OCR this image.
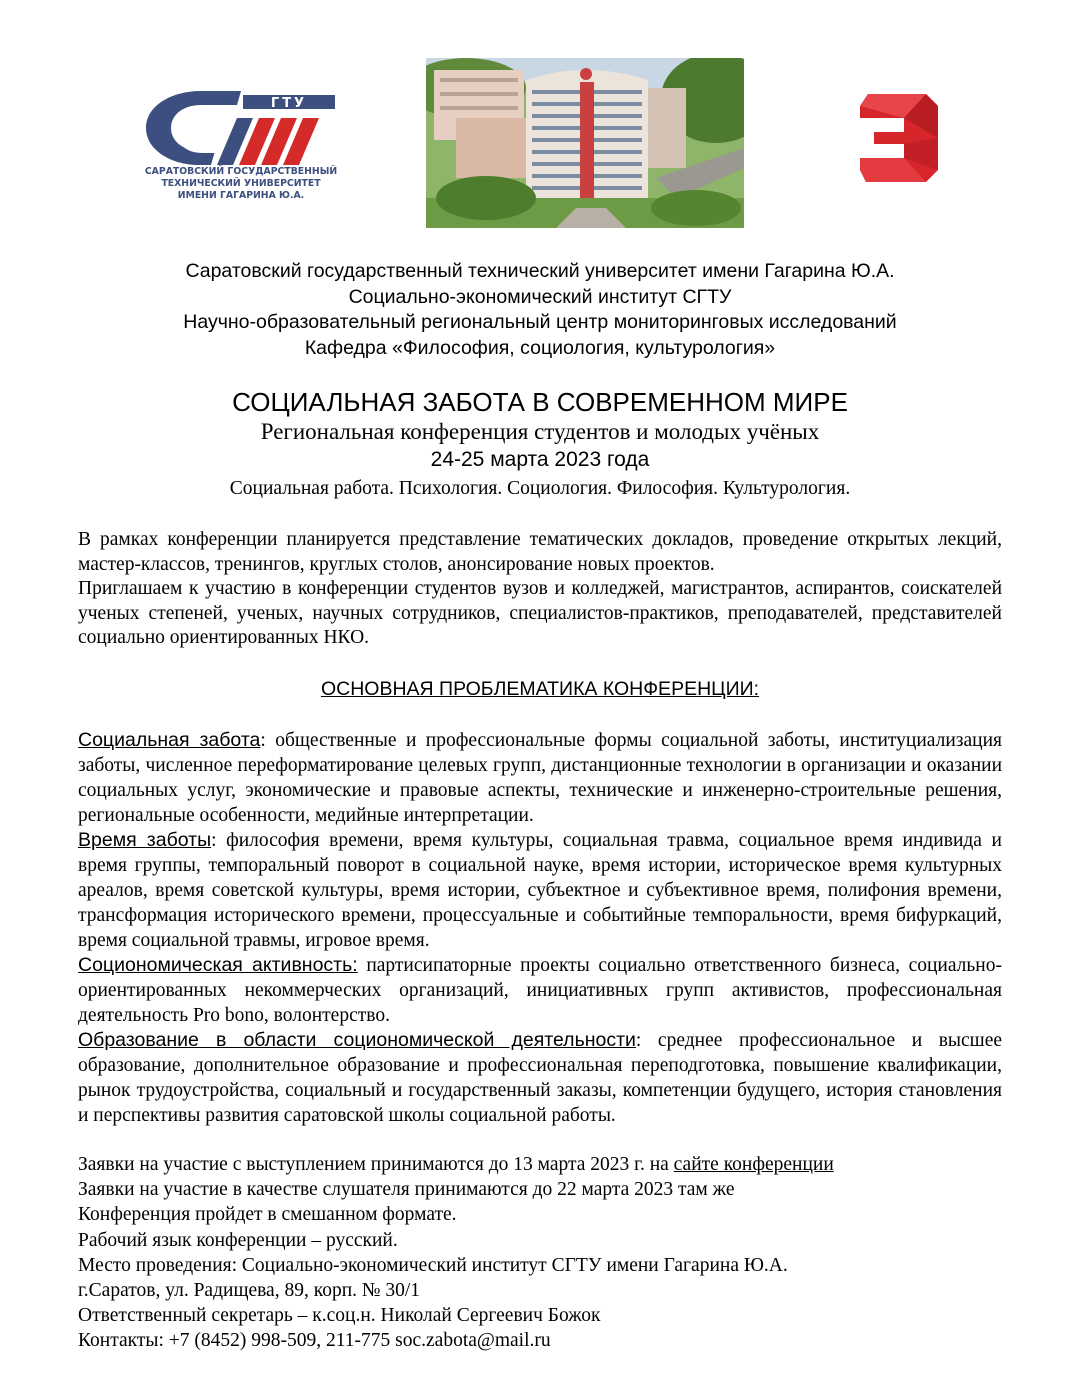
ГТУ
САРАТОВСКИЙ ГОСУДАРСТВЕННЫЙ
ТЕХНИЧЕСКИЙ УНИВЕРСИТЕТ
ИМЕНИ ГАГАРИНА Ю.А.
Саратовский государственный технический университет имени Гагарина Ю.А.
Социально-экономический институт СГТУ
Научно-образовательный региональный центр мониторинговых исследований
Кафедра «Философия, социология, культурология»
СОЦИАЛЬНАЯ ЗАБОТА В СОВРЕМЕННОМ МИРЕ
Региональная конференция студентов и молодых учёных
24-25 марта 2023 года
Социальная работа. Психология. Социология. Философия. Культурология.

В рамках конференции планируется представление тематических докладов, проведение открытых лекций, мастер-классов, тренингов, круглых столов, анонсирование новых проектов.

Приглашаем к участию в конференции студентов вузов и колледжей, магистрантов, аспирантов, соискателей ученых степеней, ученых, научных сотрудников, специалистов-практиков, преподавателей, представителей социально ориентированных НКО.

ОСНОВНАЯ ПРОБЛЕМАТИКА КОНФЕРЕНЦИИ:

Социальная забота: общественные и профессиональные формы социальной заботы, институциализация заботы, численное переформатирование целевых групп, дистанционные технологии в организации и оказании социальных услуг, экономические и правовые аспекты, технические и инженерно-строительные решения, региональные особенности, медийные интерпретации.

Время заботы: философия времени, время культуры, социальная травма, социальное время индивида и время группы, темпоральный поворот в социальной науке, время истории, историческое время культурных ареалов, время советской культуры, время истории, субъектное и субъективное время, полифония времени, трансформация исторического времени, процессуальные и событийные темпоральности, время бифуркаций, время социальной травмы, игровое время.

Социономическая активность: партисипаторные проекты социально ответственного бизнеса, социально-ориентированных некоммерческих организаций, инициативных групп активистов, профессиональная деятельность Pro bono, волонтерство.

Образование в области социономической деятельности: среднее профессиональное и высшее образование, дополнительное образование и профессиональная переподготовка, повышение квалификации, рынок трудоустройства, социальный и государственный заказы, компетенции будущего, история становления и перспективы развития саратовской школы социальной работы.

Заявки на участие с выступлением принимаются до 13 марта 2023 г. на сайте конференции
Заявки на участие в качестве слушателя принимаются до 22 марта 2023 там же
Конференция пройдет в смешанном формате.
Рабочий язык конференции – русский.
Место проведения: Социально-экономический институт СГТУ имени Гагарина Ю.А.
г.Саратов, ул. Радищева, 89, корп. № 30/1
Ответственный секретарь – к.соц.н. Николай Сергеевич Божок
Контакты: +7 (8452) 998-509, 211-775 soc.zabota@mail.ru
